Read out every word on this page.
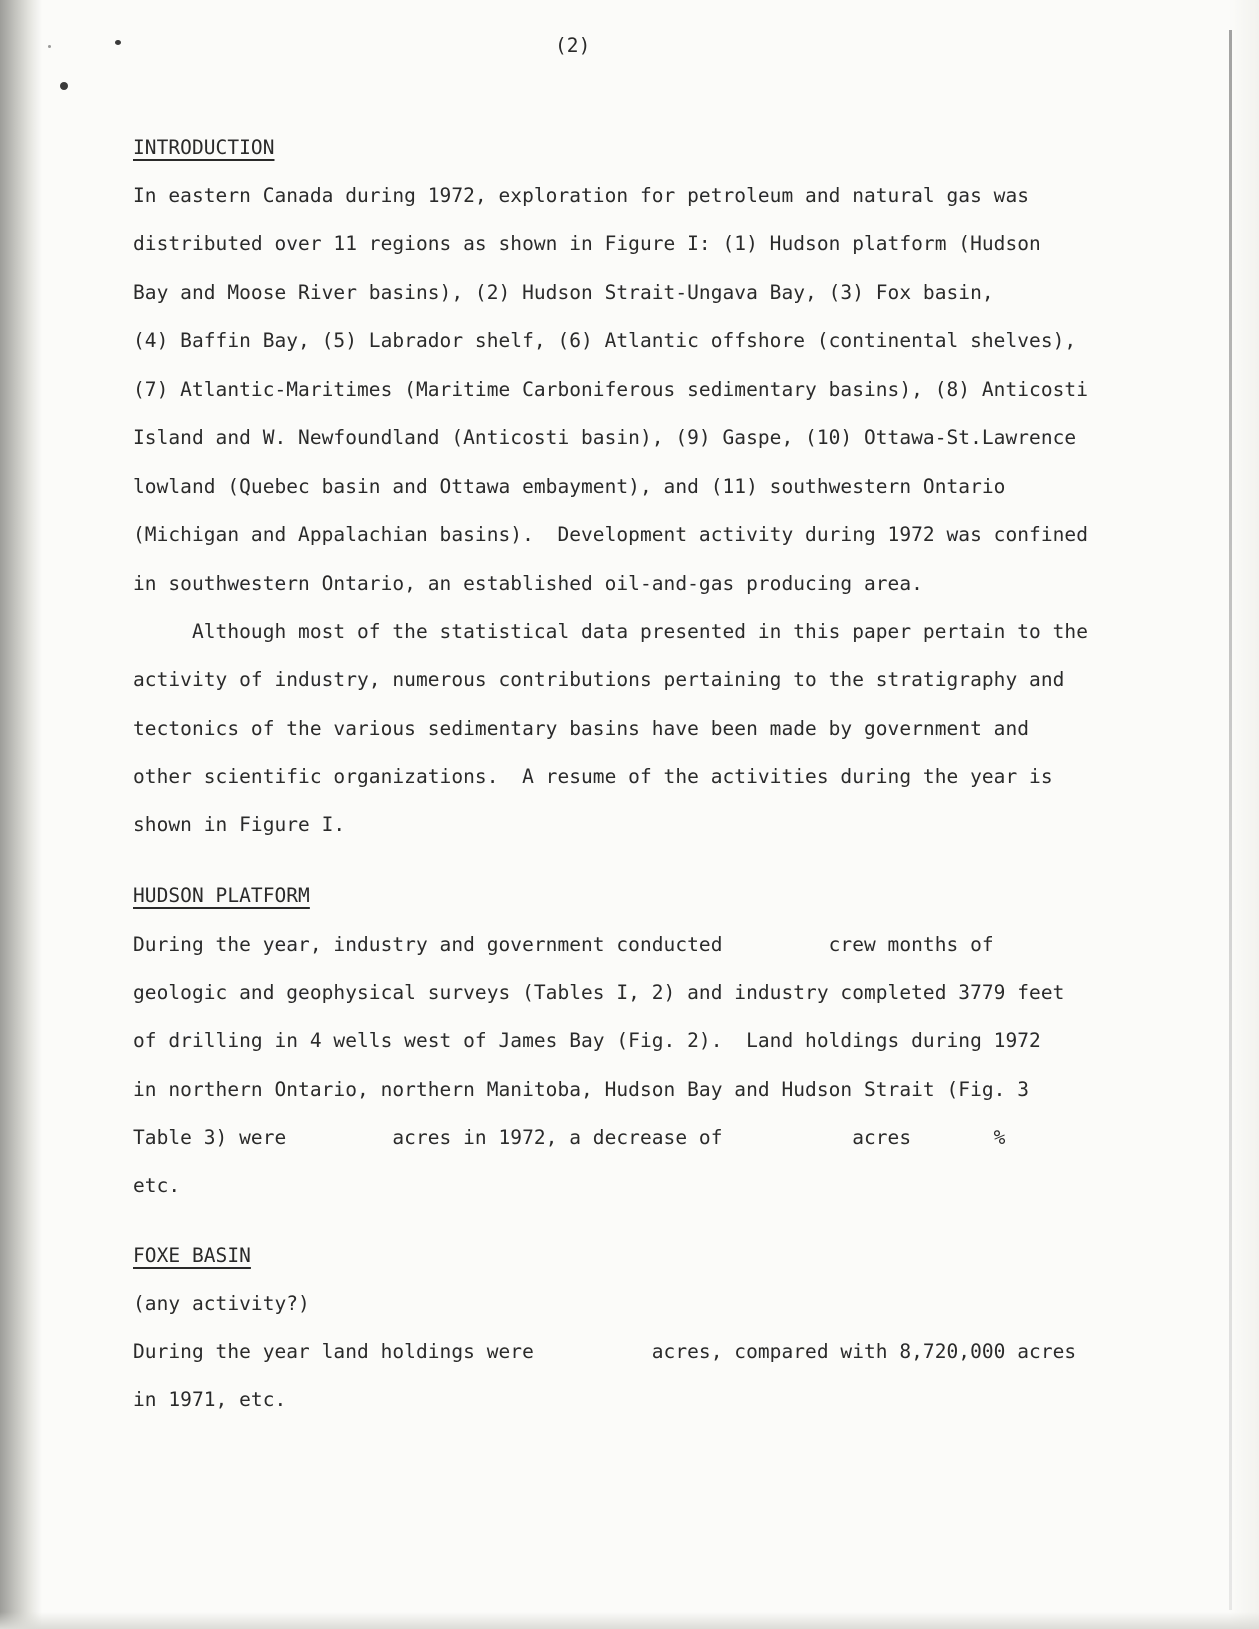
(2)
INTRODUCTION
In eastern Canada during 1972, exploration for petroleum and natural gas was
distributed over 11 regions as shown in Figure I: (1) Hudson platform (Hudson
Bay and Moose River basins), (2) Hudson Strait-Ungava Bay, (3) Fox basin,
(4) Baffin Bay, (5) Labrador shelf, (6) Atlantic offshore (continental shelves),
(7) Atlantic-Maritimes (Maritime Carboniferous sedimentary basins), (8) Anticosti
Island and W. Newfoundland (Anticosti basin), (9) Gaspe, (10) Ottawa-St.Lawrence
lowland (Quebec basin and Ottawa embayment), and (11) southwestern Ontario
(Michigan and Appalachian basins).  Development activity during 1972 was confined
in southwestern Ontario, an established oil-and-gas producing area.
Although most of the statistical data presented in this paper pertain to the
activity of industry, numerous contributions pertaining to the stratigraphy and
tectonics of the various sedimentary basins have been made by government and
other scientific organizations.  A resume of the activities during the year is
shown in Figure I.
HUDSON PLATFORM
During the year, industry and government conducted         crew months of
geologic and geophysical surveys (Tables I, 2) and industry completed 3779 feet
of drilling in 4 wells west of James Bay (Fig. 2).  Land holdings during 1972
in northern Ontario, northern Manitoba, Hudson Bay and Hudson Strait (Fig. 3
Table 3) were         acres in 1972, a decrease of           acres       %
etc.
FOXE BASIN
(any activity?)
During the year land holdings were          acres, compared with 8,720,000 acres
in 1971, etc.
